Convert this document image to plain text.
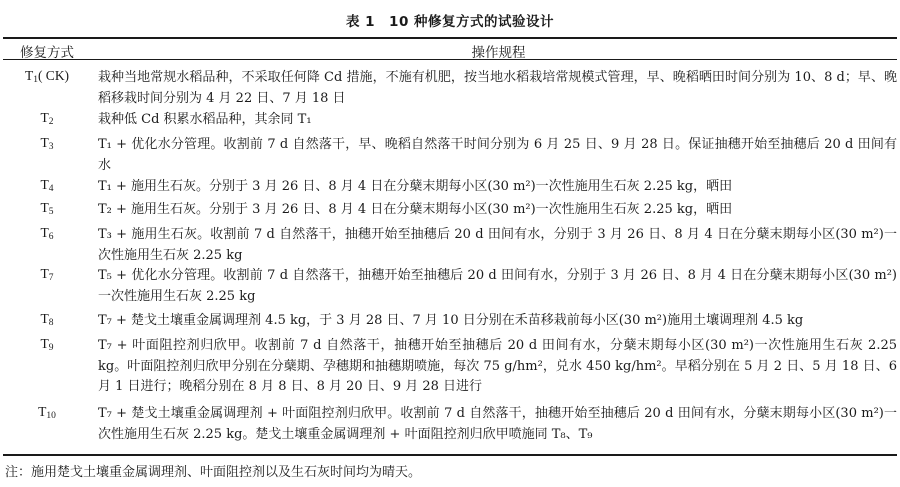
表 1　10 种修复方式的试验设计
修复方式	操作规程
$T_1$( CK)	栽种当地常规水稻品种，不采取任何降 Cd 措施，不施有机肥，按当地水稻栽培常规模式管理，早、晚稻晒田时间分别为 10、8 d；早、晚稻移栽时间分别为 4 月 22 日、7 月 18 日
$T_2$	栽种低 Cd 积累水稻品种，其余同 T₁
$T_3$	T₁ + 优化水分管理。收割前 7 d 自然落干，早、晚稻自然落干时间分别为 6 月 25 日、9 月 28 日。保证抽穗开始至抽穗后 20 d 田间有水
$T_4$	T₁ + 施用生石灰。分别于 3 月 26 日、8 月 4 日在分蘖末期每小区(30 m²)一次性施用生石灰 2.25 kg，晒田
$T_5$	T₂ + 施用生石灰。分别于 3 月 26 日、8 月 4 日在分蘖末期每小区(30 m²)一次性施用生石灰 2.25 kg，晒田
$T_6$	T₃ + 施用生石灰。收割前 7 d 自然落干，抽穗开始至抽穗后 20 d 田间有水，分别于 3 月 26 日、8 月 4 日在分蘖末期每小区(30 m²)一次性施用生石灰 2.25 kg
$T_7$	T₅ + 优化水分管理。收割前 7 d 自然落干，抽穗开始至抽穗后 20 d 田间有水，分别于 3 月 26 日、8 月 4 日在分蘖末期每小区(30 m²)一次性施用生石灰 2.25 kg
$T_8$	T₇ + 楚戈土壤重金属调理剂 4.5 kg，于 3 月 28 日、7 月 10 日分别在禾苗移栽前每小区(30 m²)施用土壤调理剂 4.5 kg
$T_9$	T₇ + 叶面阻控剂归欣甲。收割前 7 d 自然落干，抽穗开始至抽穗后 20 d 田间有水，分蘖末期每小区(30 m²)一次性施用生石灰 2.25 kg。叶面阻控剂归欣甲分别在分蘖期、孕穗期和抽穗期喷施，每次 75 g/hm²，兑水 450 kg/hm²。早稻分别在 5 月 2 日、5 月 18 日、6 月 1 日进行；晚稻分别在 8 月 8 日、8 月 20 日、9 月 28 日进行
$T_{10}$	T₇ + 楚戈土壤重金属调理剂 + 叶面阻控剂归欣甲。收割前 7 d 自然落干，抽穗开始至抽穗后 20 d 田间有水，分蘖末期每小区(30 m²)一次性施用生石灰 2.25 kg。楚戈土壤重金属调理剂 + 叶面阻控剂归欣甲喷施同 T₈、T₉
注：施用楚戈土壤重金属调理剂、叶面阻控剂以及生石灰时间均为晴天。
